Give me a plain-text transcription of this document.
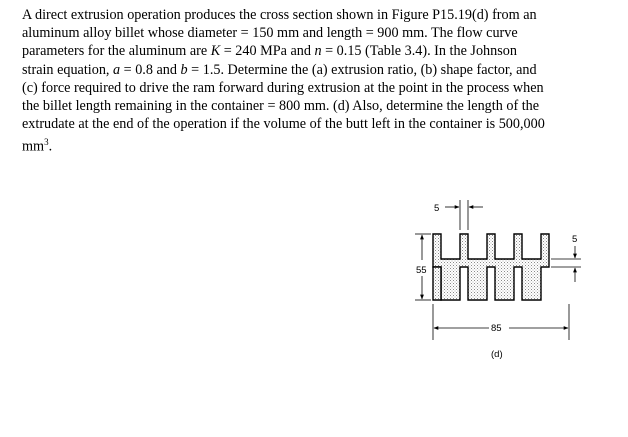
A direct extrusion operation produces the cross section shown in Figure P15.19(d) from an
aluminum alloy billet whose diameter = 150 mm and length = 900 mm. The flow curve
parameters for the aluminum are K = 240 MPa and n = 0.15 (Table 3.4). In the Johnson
strain equation, a = 0.8 and b = 1.5. Determine the (a) extrusion ratio, (b) shape factor, and
(c) force required to drive the ram forward during extrusion at the point in the process when
the billet length remaining in the container = 800 mm. (d) Also, determine the length of the
extrudate at the end of the operation if the volume of the butt left in the container is 500,000
$mm^3$.

5
55
5
85
(d)
